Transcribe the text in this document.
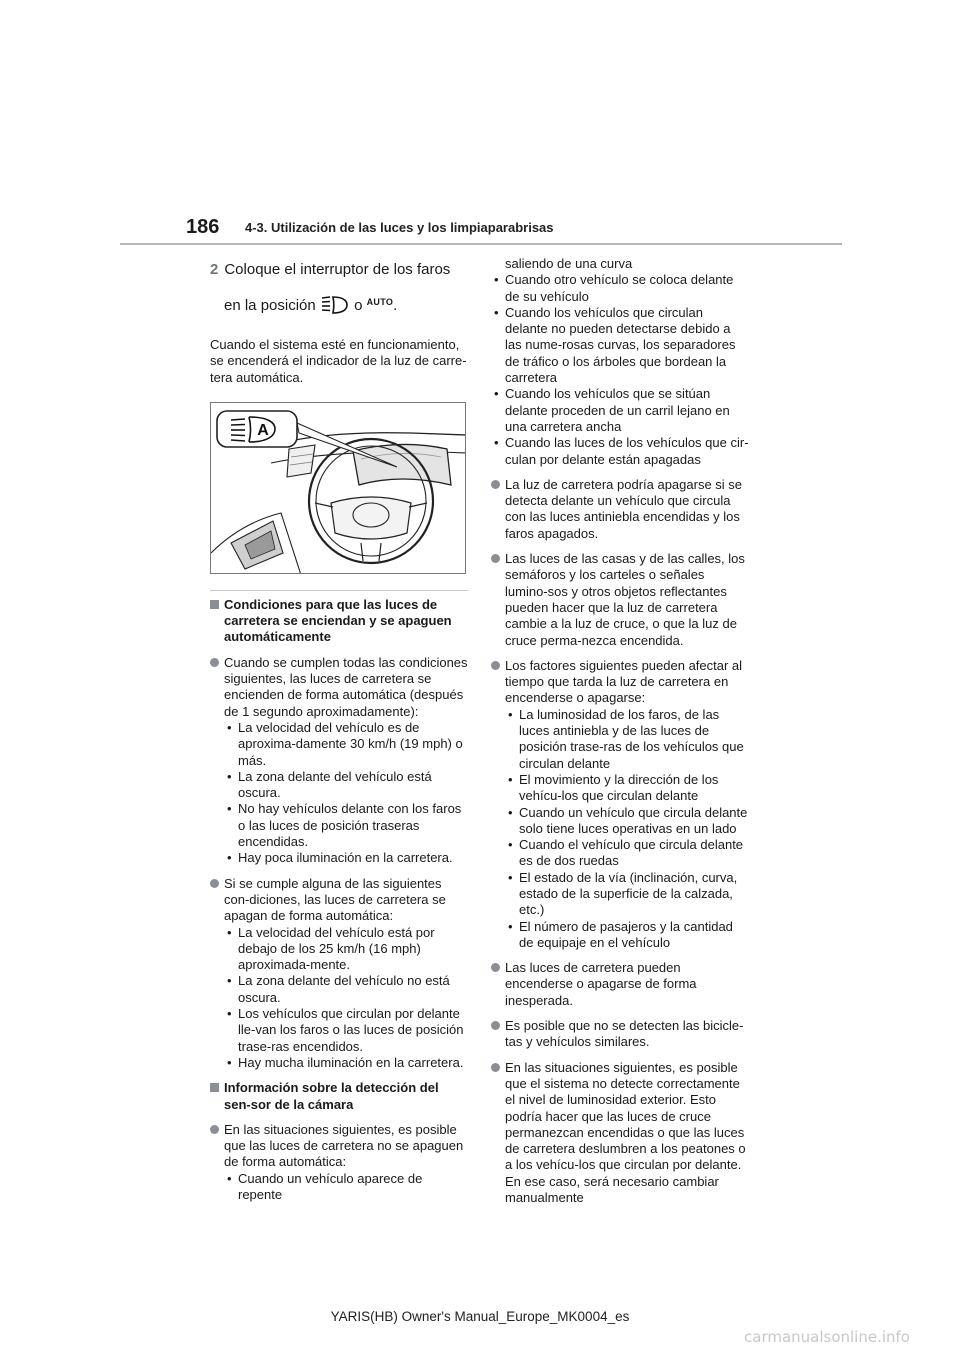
186 4-3. Utilización de las luces y los limpiaparabrisas
2 Coloque el interruptor de los faros
en la posición	o $^{AUTO}$.

Cuando el sistema esté en funcionamiento, se encenderá el indicador de la luz de carre-tera automática.

A
Condiciones para que las luces de carretera se enciendan y se apaguen automáticamente

Cuando se cumplen todas las condiciones siguientes, las luces de carretera se encienden de forma automática (después de 1 segundo aproximadamente):

• La velocidad del vehículo es de aproxima-damente 30 km/h (19 mph) o más.
• La zona delante del vehículo está oscura.
• No hay vehículos delante con los faros o las luces de posición traseras encendidas.
• Hay poca iluminación en la carretera.

Si se cumple alguna de las siguientes con-diciones, las luces de carretera se apagan de forma automática:

• La velocidad del vehículo está por debajo de los 25 km/h (16 mph) aproximada-mente.
• La zona delante del vehículo no está oscura.
• Los vehículos que circulan por delante lle-van los faros o las luces de posición trase-ras encendidos.
• Hay mucha iluminación en la carretera.
Información sobre la detección del sen-sor de la cámara

En las situaciones siguientes, es posible que las luces de carretera no se apaguen de forma automática:

• Cuando un vehículo aparece de repente
saliendo de una curva
• Cuando otro vehículo se coloca delante de su vehículo
• Cuando los vehículos que circulan delante no pueden detectarse debido a las nume-rosas curvas, los separadores de tráfico o los árboles que bordean la carretera
• Cuando los vehículos que se sitúan delante proceden de un carril lejano en una carretera ancha
• Cuando las luces de los vehículos que cir-culan por delante están apagadas

La luz de carretera podría apagarse si se detecta delante un vehículo que circula con las luces antiniebla encendidas y los faros apagados.

Las luces de las casas y de las calles, los semáforos y los carteles o señales lumino-sos y otros objetos reflectantes pueden hacer que la luz de carretera cambie a la luz de cruce, o que la luz de cruce perma-nezca encendida.

Los factores siguientes pueden afectar al tiempo que tarda la luz de carretera en encenderse o apagarse:

• La luminosidad de los faros, de las luces antiniebla y de las luces de posición trase-ras de los vehículos que circulan delante
• El movimiento y la dirección de los vehícu-los que circulan delante
• Cuando un vehículo que circula delante solo tiene luces operativas en un lado
• Cuando el vehículo que circula delante es de dos ruedas
• El estado de la vía (inclinación, curva, estado de la superficie de la calzada, etc.)
• El número de pasajeros y la cantidad de equipaje en el vehículo

Las luces de carretera pueden encenderse o apagarse de forma inesperada.

Es posible que no se detecten las bicicle-tas y vehículos similares.

En las situaciones siguientes, es posible que el sistema no detecte correctamente el nivel de luminosidad exterior. Esto podría hacer que las luces de cruce permanezcan encendidas o que las luces de carretera deslumbren a los peatones o a los vehícu-los que circulan por delante. En ese caso, será necesario cambiar manualmente

YARIS(HB) Owner's Manual_Europe_MK0004_es
carmanualsonline.info
